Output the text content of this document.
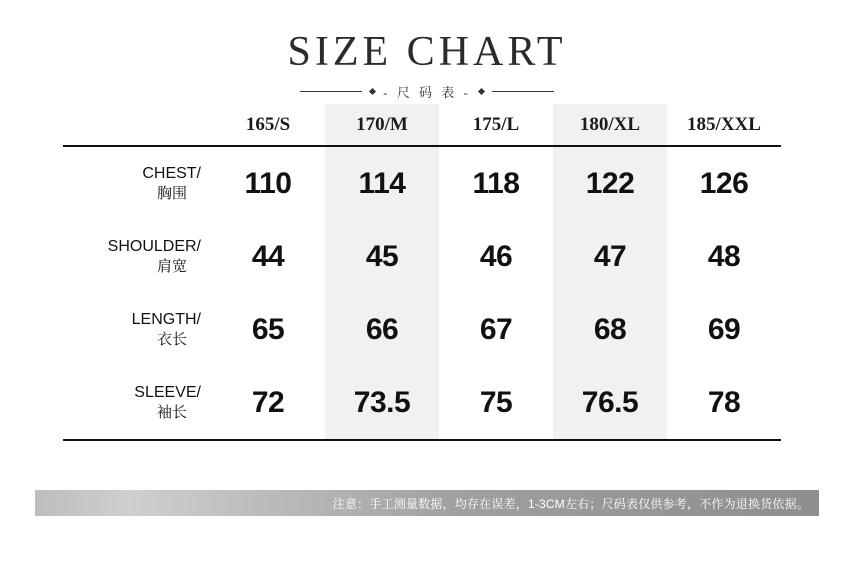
SIZE CHART
- 尺 码 表 -
	165/S	170/M	175/L	180/XL	185/XXL
CHEST/
胸围	110	114	118	122	126
SHOULDER/
肩宽	44	45	46	47	48
LENGTH/
衣长	65	66	67	68	69
SLEEVE/
袖长	72	73.5	75	76.5	78
注意：手工测量数据，均存在误差，1-3CM左右；尺码表仅供参考，不作为退换货依据。
